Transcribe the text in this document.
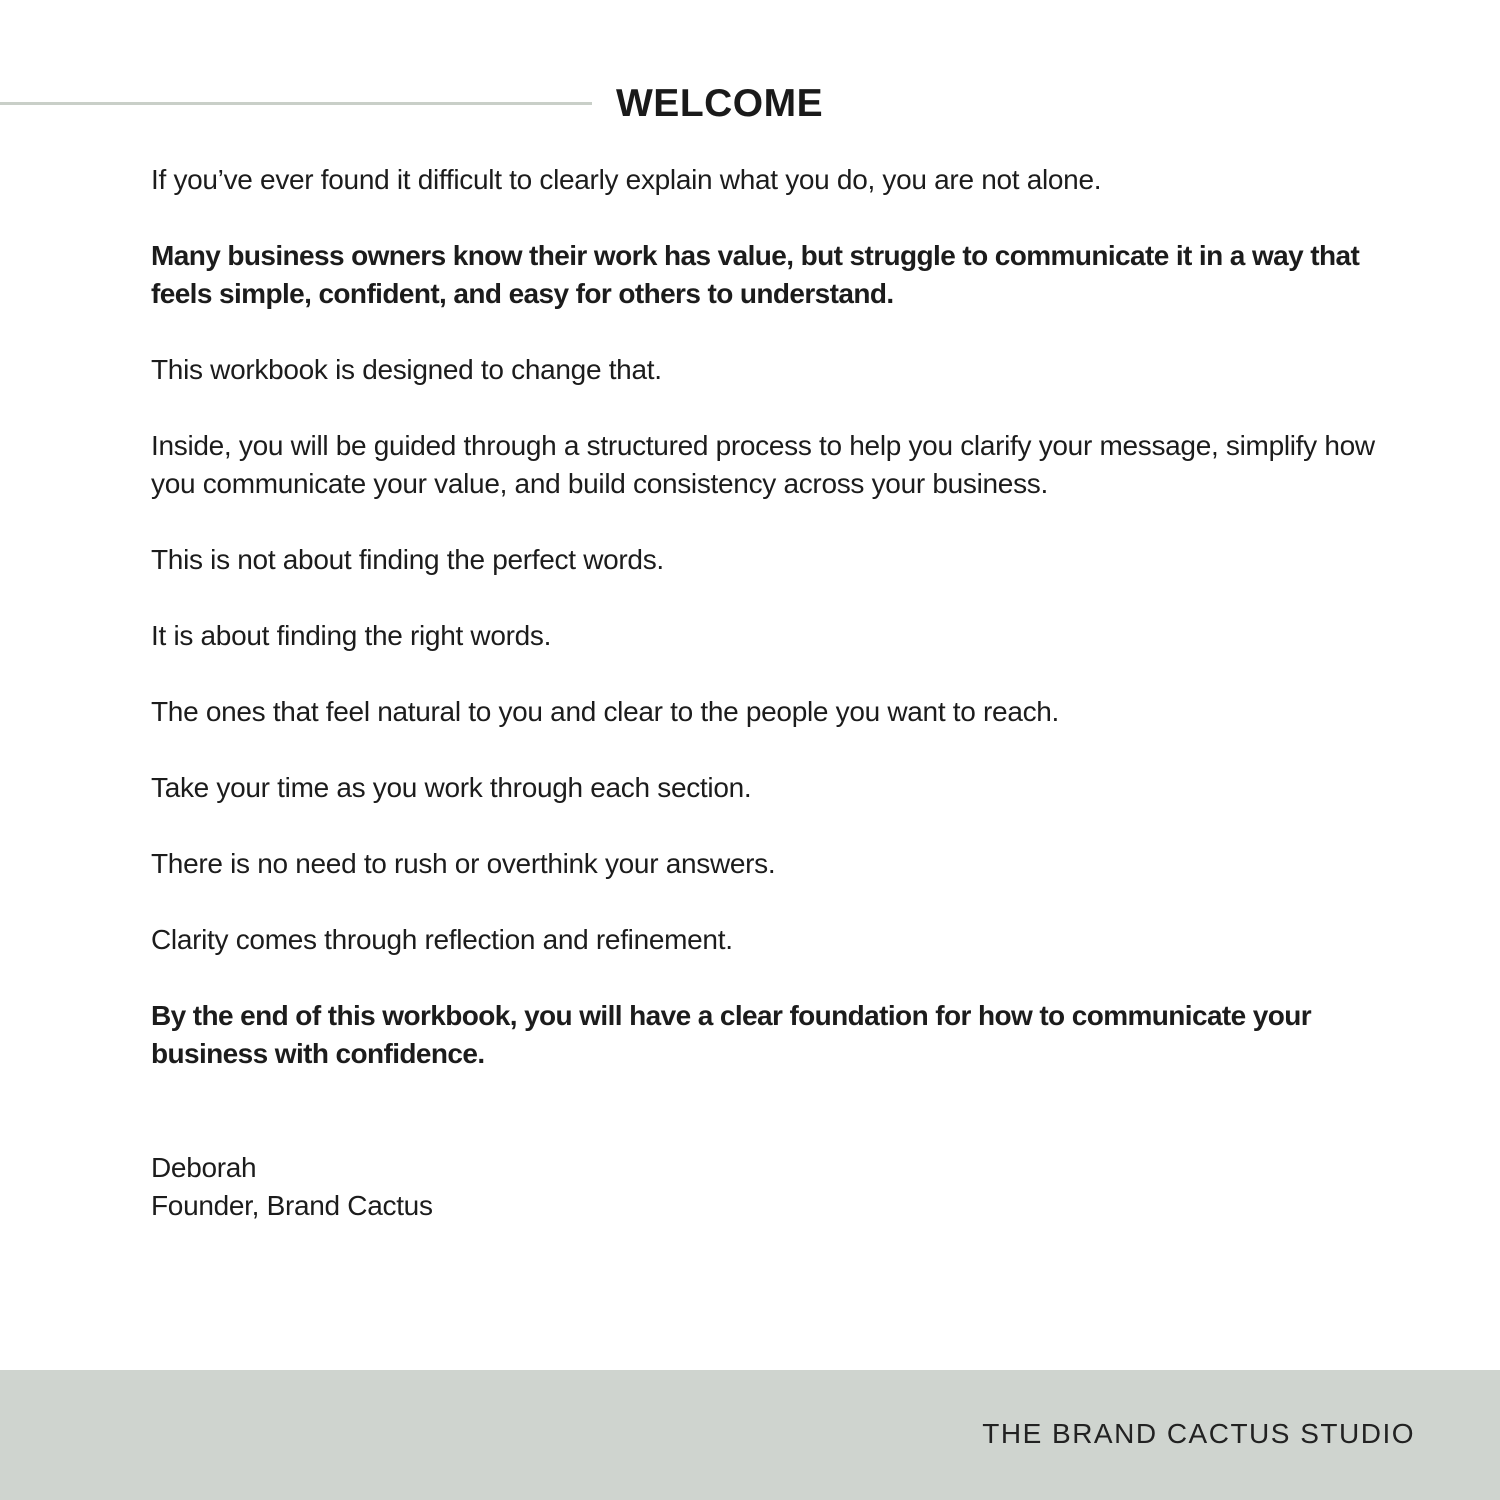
WELCOME

If you’ve ever found it difficult to clearly explain what you do, you are not alone.

Many business owners know their work has value, but struggle to communicate it in a way that feels simple, confident, and easy for others to understand.

This workbook is designed to change that.

Inside, you will be guided through a structured process to help you clarify your message, simplify how you communicate your value, and build consistency across your business.

This is not about finding the perfect words.

It is about finding the right words.

The ones that feel natural to you and clear to the people you want to reach.

Take your time as you work through each section.

There is no need to rush or overthink your answers.

Clarity comes through reflection and refinement.

By the end of this workbook, you will have a clear foundation for how to communicate your business with confidence.

Deborah
Founder, Brand Cactus
THE BRAND CACTUS STUDIO
